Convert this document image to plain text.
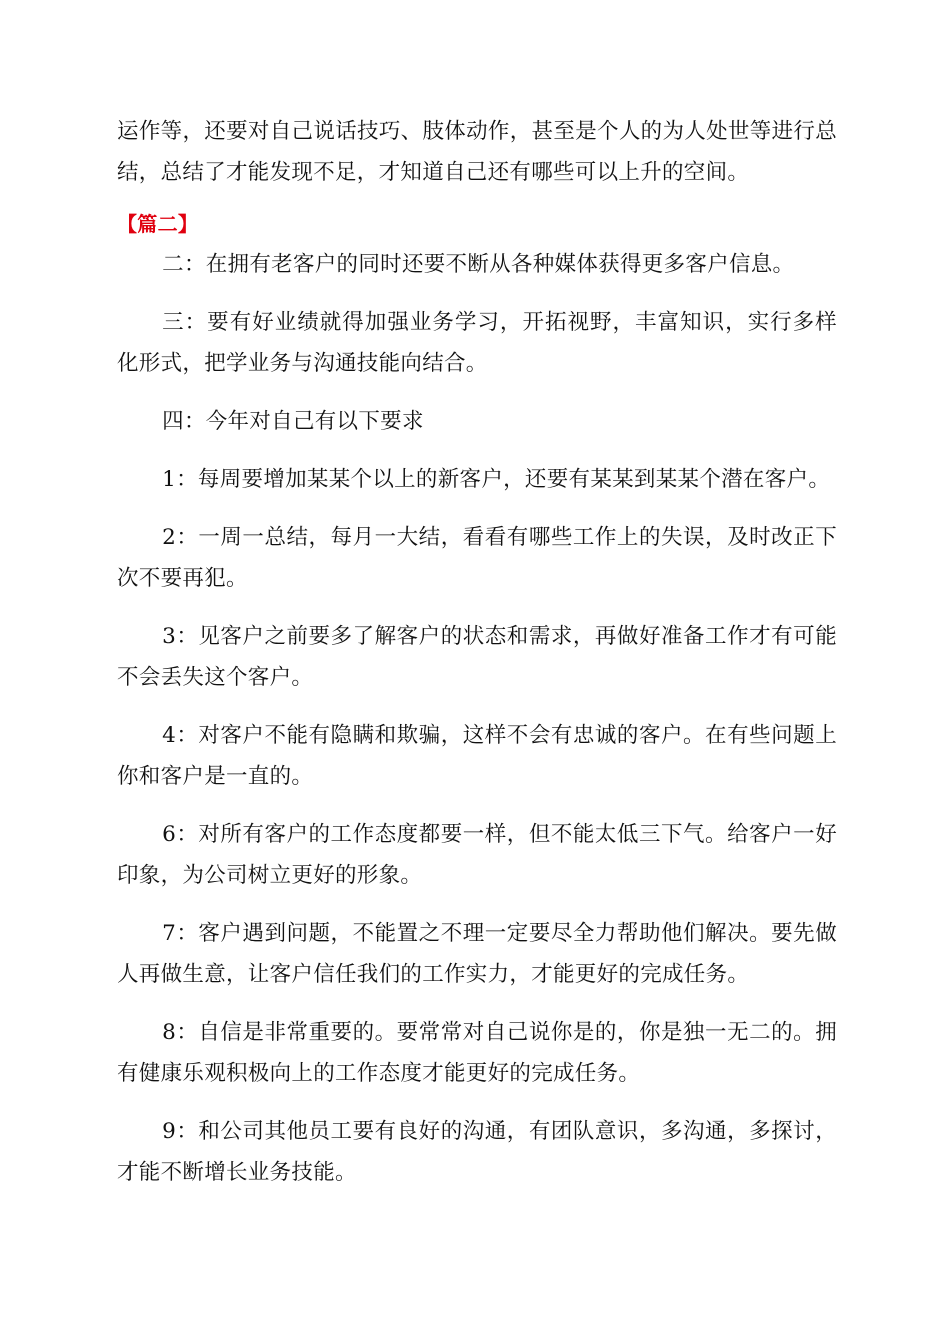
运作等，还要对自己说话技巧、肢体动作，甚至是个人的为人处世等进行总结，总结了才能发现不足，才知道自己还有哪些可以上升的空间。

【篇二】

二：在拥有老客户的同时还要不断从各种媒体获得更多客户信息。

三：要有好业绩就得加强业务学习，开拓视野，丰富知识，实行多样化形式，把学业务与沟通技能向结合。

四：今年对自己有以下要求

1：每周要增加某某个以上的新客户，还要有某某到某某个潜在客户。

2：一周一总结，每月一大结，看看有哪些工作上的失误，及时改正下次不要再犯。

3：见客户之前要多了解客户的状态和需求，再做好准备工作才有可能不会丢失这个客户。

4：对客户不能有隐瞒和欺骗，这样不会有忠诚的客户。在有些问题上你和客户是一直的。

6：对所有客户的工作态度都要一样，但不能太低三下气。给客户一好印象，为公司树立更好的形象。

7：客户遇到问题，不能置之不理一定要尽全力帮助他们解决。要先做人再做生意，让客户信任我们的工作实力，才能更好的完成任务。

8：自信是非常重要的。要常常对自己说你是的，你是独一无二的。拥有健康乐观积极向上的工作态度才能更好的完成任务。

9：和公司其他员工要有良好的沟通，有团队意识，多沟通，多探讨，才能不断增长业务技能。
